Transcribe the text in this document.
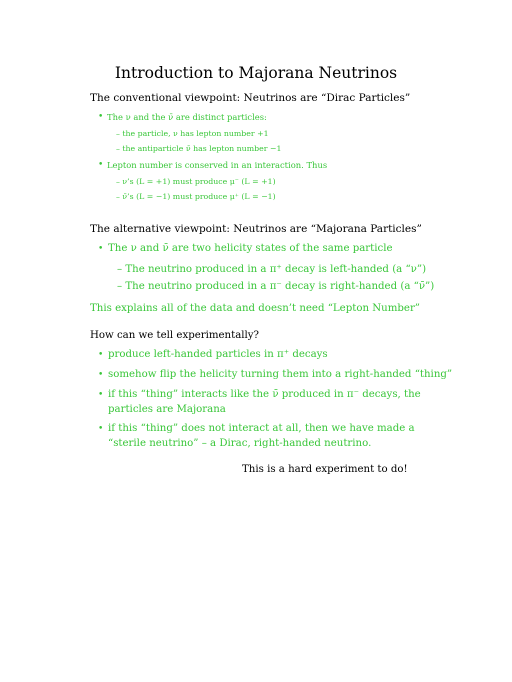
Introduction to Majorana Neutrinos
The conventional viewpoint: Neutrinos are “Dirac Particles”
• The ν and the ν̄ are distinct particles:
– the particle, ν has lepton number +1
– the antiparticle ν̄ has lepton number −1
• Lepton number is conserved in an interaction. Thus
– ν’s (L = +1) must produce μ⁻ (L = +1)
– ν̄’s (L = −1) must produce μ⁺ (L = −1)
The alternative viewpoint: Neutrinos are “Majorana Particles”
• The ν and ν̄ are two helicity states of the same particle
– The neutrino produced in a π⁺ decay is left-handed (a “ν”)
– The neutrino produced in a π⁻ decay is right-handed (a “ν̄”)
This explains all of the data and doesn’t need “Lepton Number”
How can we tell experimentally?
• produce left-handed particles in π⁺ decays
• somehow flip the helicity turning them into a right-handed “thing”
• if this “thing” interacts like the ν̄ produced in π⁻ decays, the
particles are Majorana
• if this “thing” does not interact at all, then we have made a
“sterile neutrino” – a Dirac, right-handed neutrino.
This is a hard experiment to do!
